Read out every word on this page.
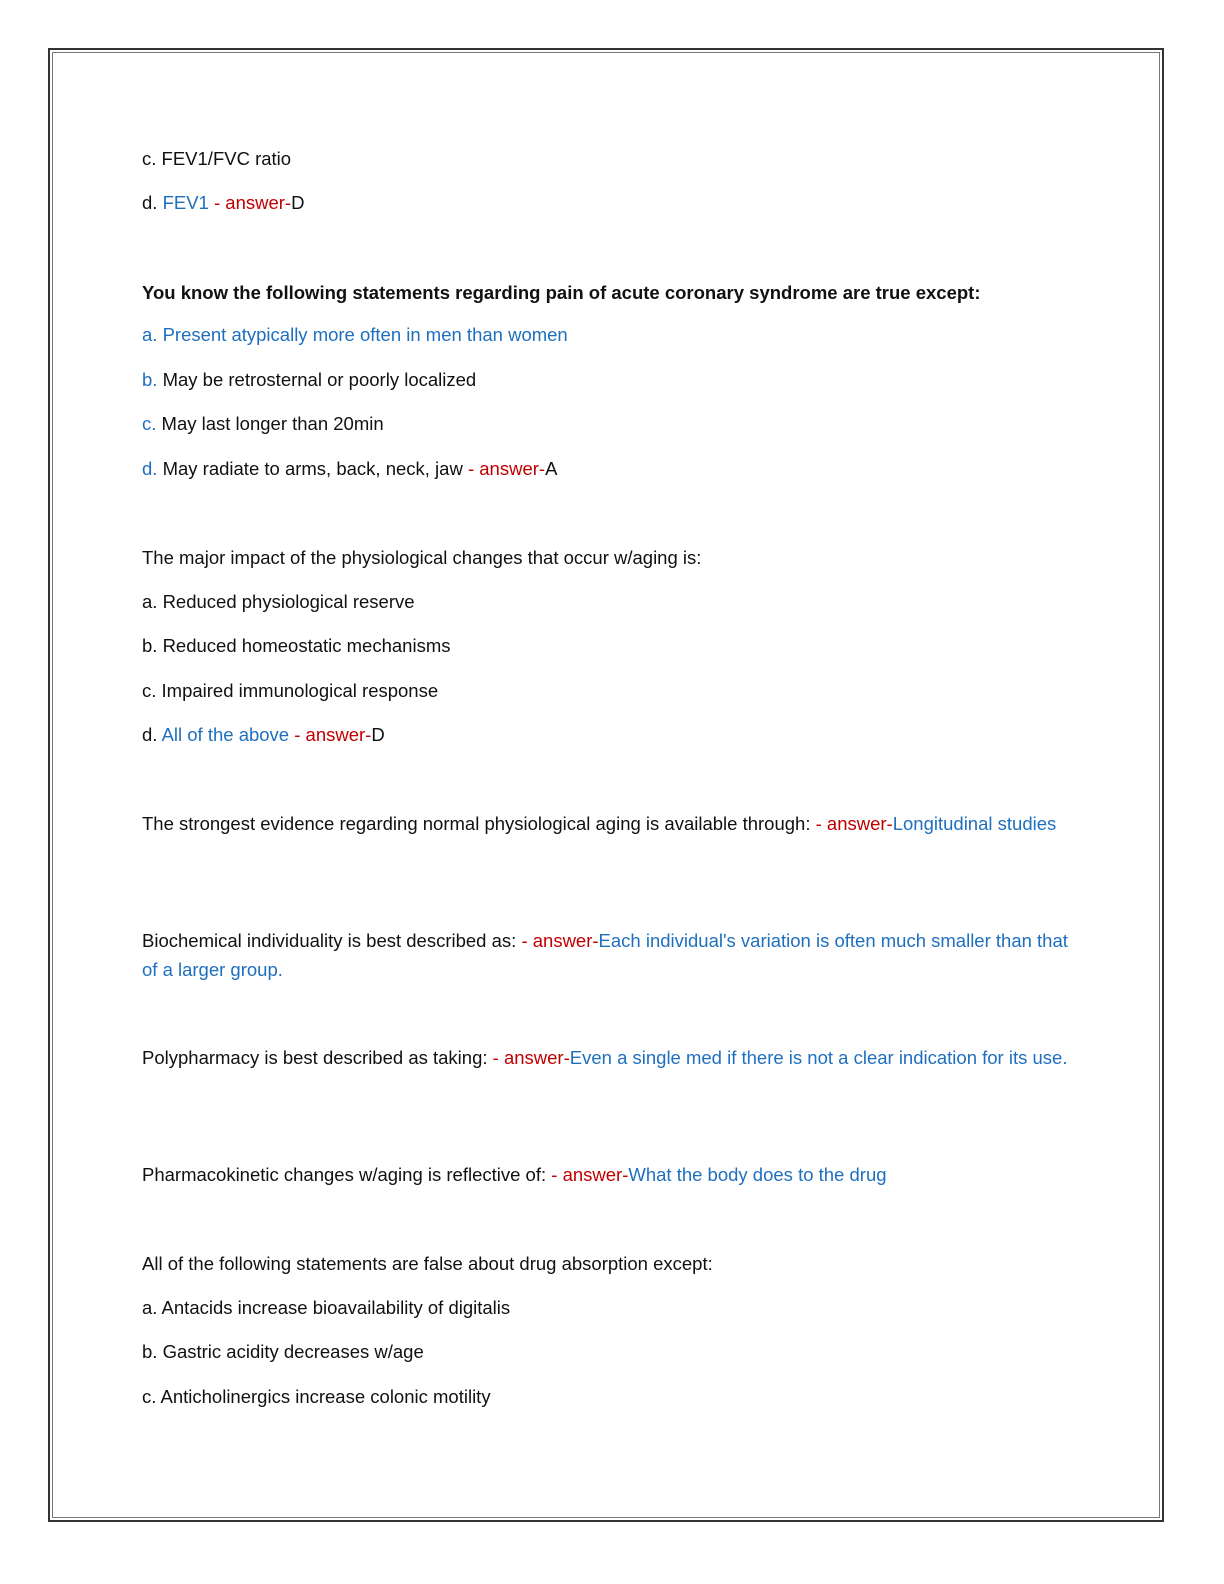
c. FEV1/FVC ratio
d. FEV1 - answer-D
You know the following statements regarding pain of acute coronary syndrome are true except:
a. Present atypically more often in men than women
b. May be retrosternal or poorly localized
c. May last longer than 20min
d. May radiate to arms, back, neck, jaw - answer-A
The major impact of the physiological changes that occur w/aging is:
a. Reduced physiological reserve
b. Reduced homeostatic mechanisms
c. Impaired immunological response
d. All of the above - answer-D
The strongest evidence regarding normal physiological aging is available through: - answer-Longitudinal studies
Biochemical individuality is best described as: - answer-Each individual's variation is often much smaller than that of a larger group.
Polypharmacy is best described as taking: - answer-Even a single med if there is not a clear indication for its use.
Pharmacokinetic changes w/aging is reflective of: - answer-What the body does to the drug
All of the following statements are false about drug absorption except:
a. Antacids increase bioavailability of digitalis
b. Gastric acidity decreases w/age
c. Anticholinergics increase colonic motility
